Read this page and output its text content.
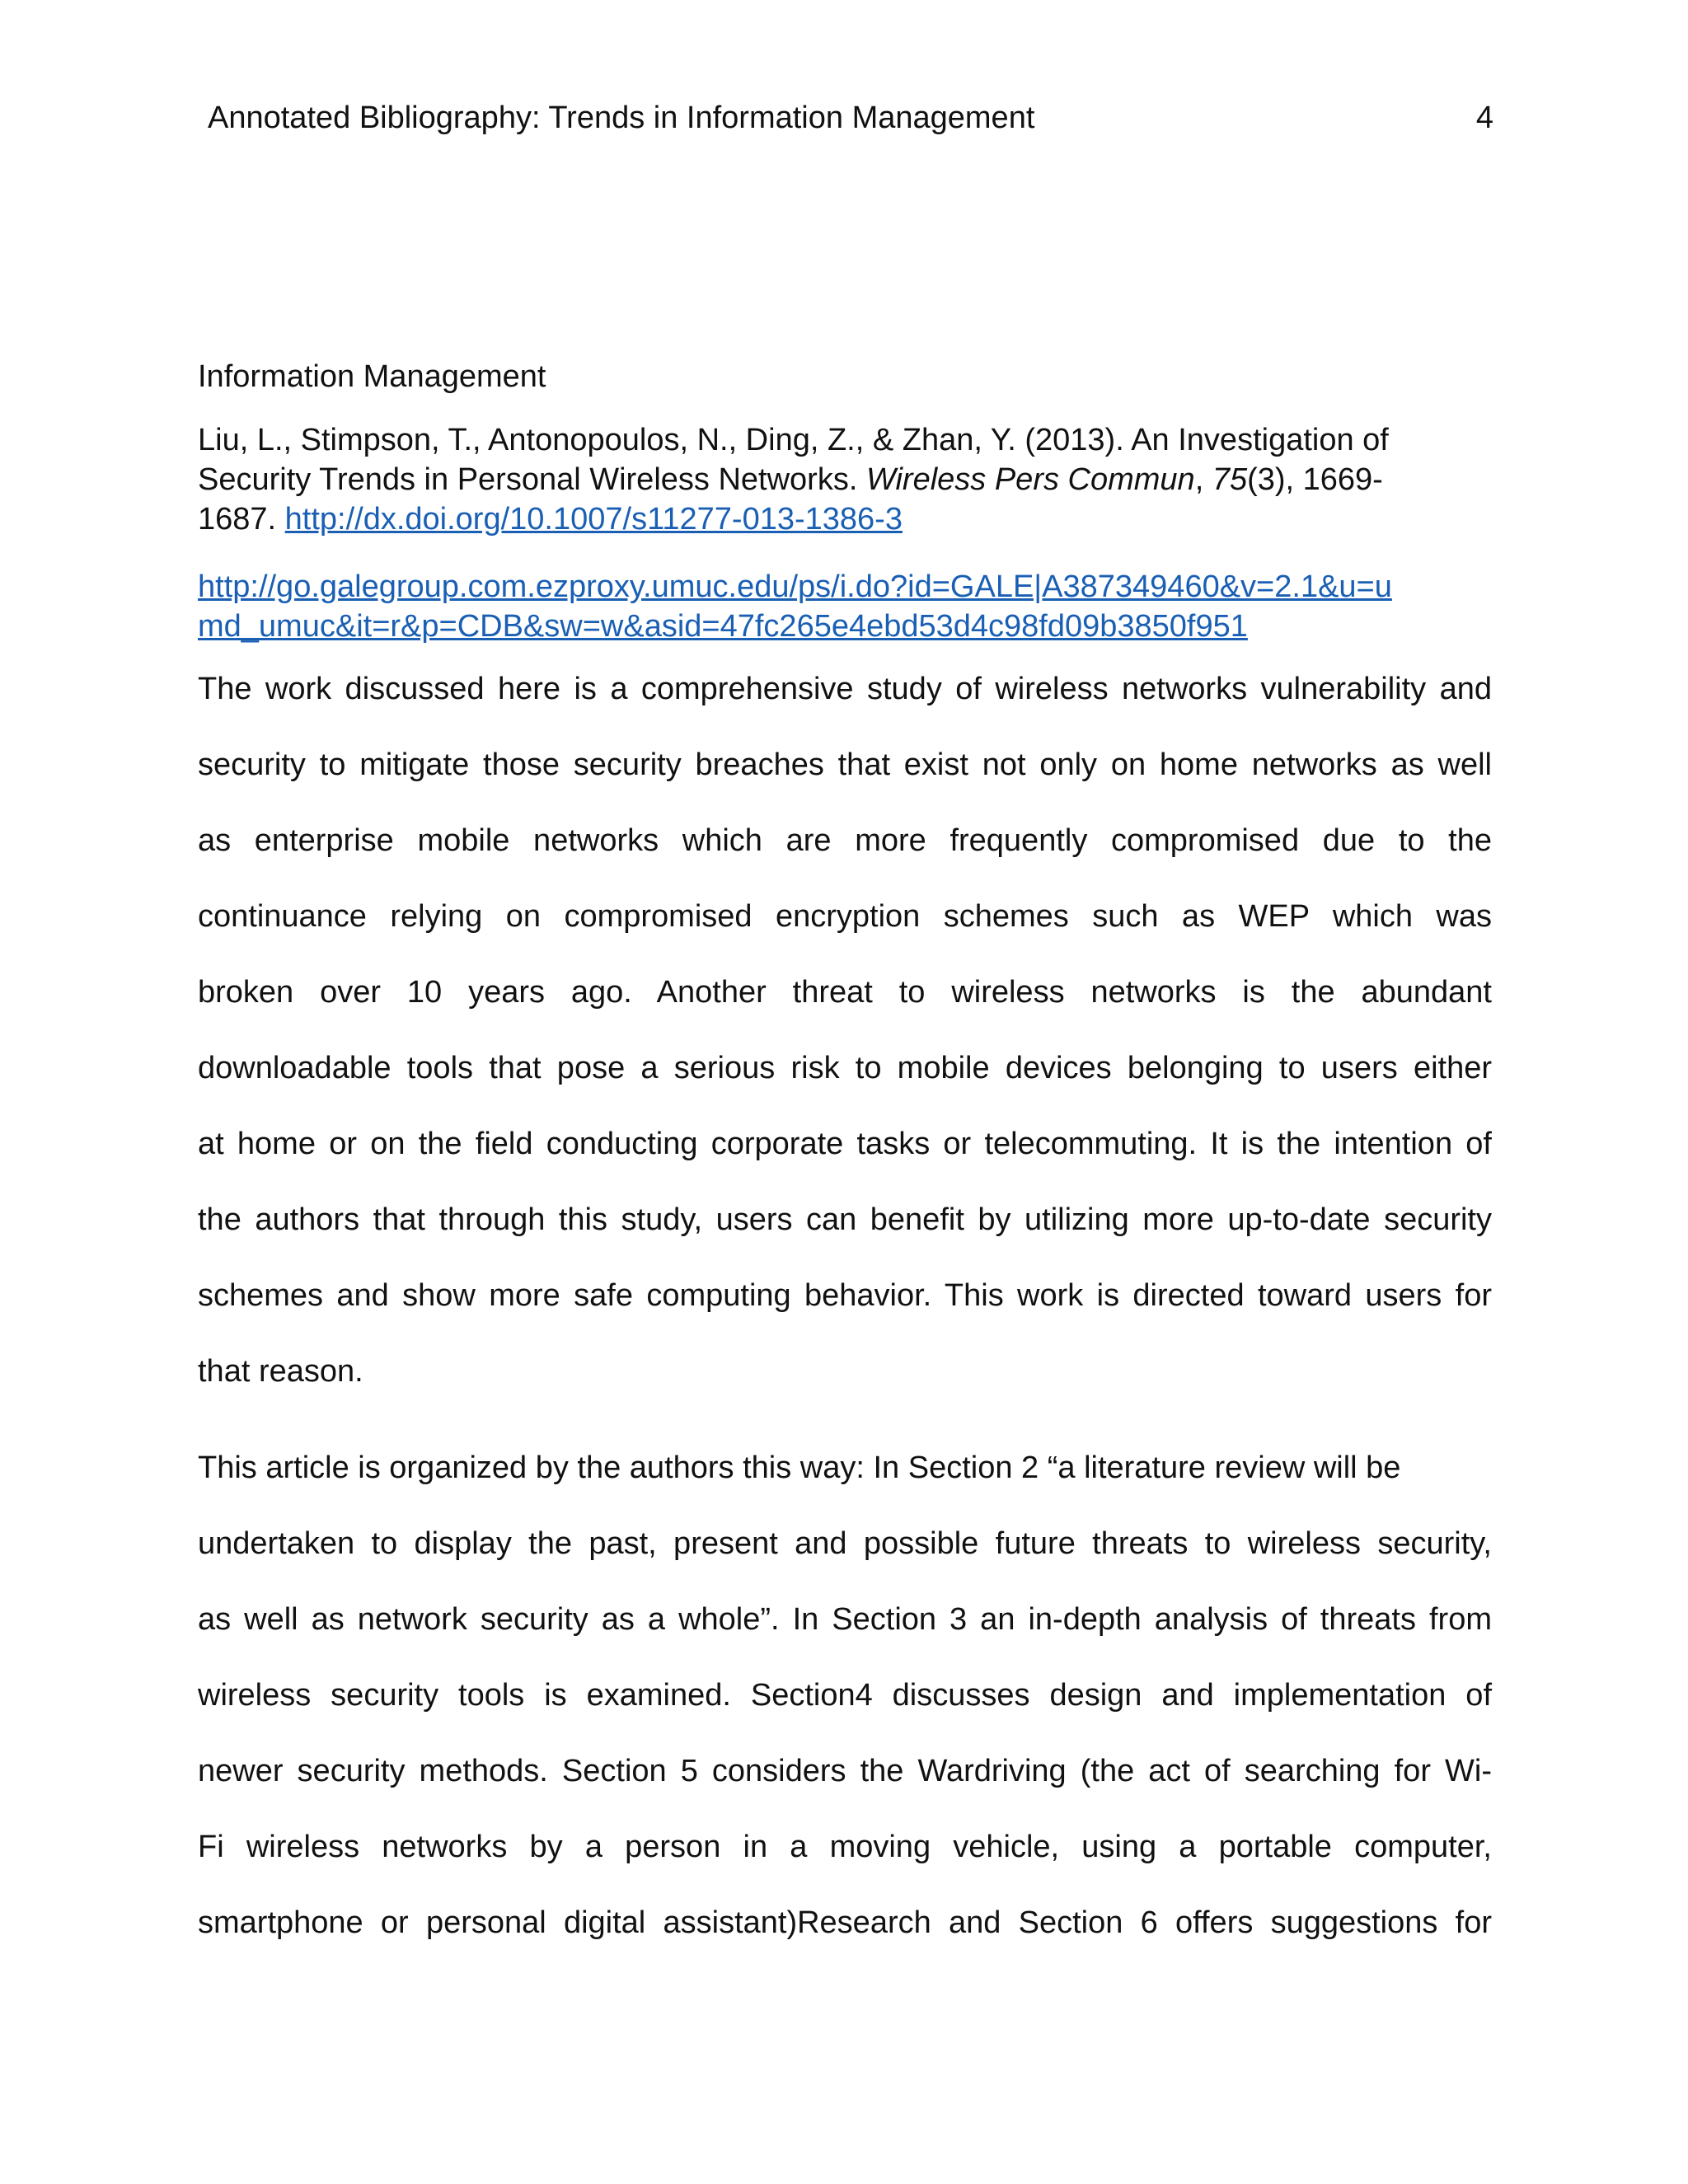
Annotated Bibliography: Trends in Information Management	4
Information Management
Liu, L., Stimpson, T., Antonopoulos, N., Ding, Z., & Zhan, Y. (2013). An Investigation of
Security Trends in Personal Wireless Networks. Wireless Pers Commun, 75(3), 1669-
1687. http://dx.doi.org/10.1007/s11277-013-1386-3
http://go.galegroup.com.ezproxy.umuc.edu/ps/i.do?id=GALE|A387349460&v=2.1&u=u
md_umuc&it=r&p=CDB&sw=w&asid=47fc265e4ebd53d4c98fd09b3850f951
The work discussed here is a comprehensive study of wireless networks vulnerability and
security to mitigate those security breaches that exist not only on home networks as well
as enterprise mobile networks which are more frequently compromised due to the
continuance relying on compromised encryption schemes such as WEP which was
broken over 10 years ago. Another threat to wireless networks is the abundant
downloadable tools that pose a serious risk to mobile devices belonging to users either
at home or on the field conducting corporate tasks or telecommuting. It is the intention of
the authors that through this study, users can benefit by utilizing more up-to-date security
schemes and show more safe computing behavior. This work is directed toward users for
that reason.
This article is organized by the authors this way: In Section 2 “a literature review will be
undertaken to display the past, present and possible future threats to wireless security,
as well as network security as a whole”. In Section 3 an in-depth analysis of threats from
wireless security tools is examined. Section4 discusses design and implementation of
newer security methods. Section 5 considers the Wardriving (the act of searching for Wi-
Fi wireless networks by a person in a moving vehicle, using a portable computer,
smartphone or personal digital assistant)Research and Section 6 offers suggestions for
